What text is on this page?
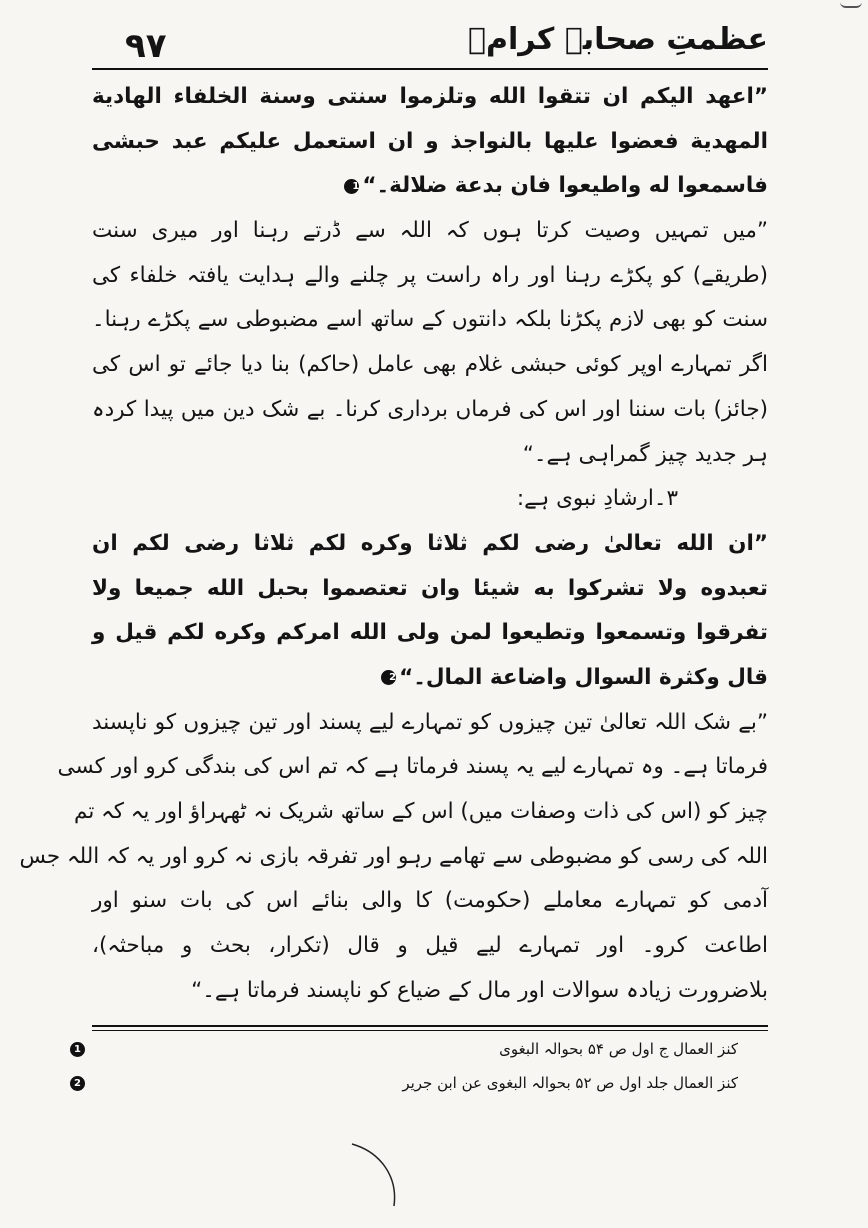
۹۷	عظمتِ صحابہ کرامؓ
”اعهد اليكم ان تتقوا الله وتلزموا سنتی وسنة الخلفاء الهادية
المهدية فعضوا عليها بالنواجذ و ان استعمل عليكم عبد حبشی
فاسمعوا له واطيعوا فان بدعة ضلالة۔“1
”میں تمہیں وصیت کرتا ہوں کہ اللہ سے ڈرتے رہنا اور میری سنت
(طریقے) کو پکڑے رہنا اور راہ راست پر چلنے والے ہدایت یافتہ خلفاء کی
سنت کو بھی لازم پکڑنا بلکہ دانتوں کے ساتھ اسے مضبوطی سے پکڑے رہنا۔
اگر تمہارے اوپر کوئی حبشی غلام بھی عامل (حاکم) بنا دیا جائے تو اس کی
(جائز) بات سننا اور اس کی فرماں برداری کرنا۔ بے شک دین میں پیدا کردہ
ہر جدید چیز گمراہی ہے۔“
۳۔ارشادِ نبوی ہے:
”ان الله تعالىٰ رضى لكم ثلاثا وكره لكم ثلاثا رضى لكم ان
تعبدوه ولا تشركوا به شيئا وان تعتصموا بحبل الله جميعا ولا
تفرقوا وتسمعوا وتطيعوا لمن ولى الله امركم وكره لكم قيل و
قال وكثرة السوال واضاعة المال۔“2
”بے شک اللہ تعالیٰ تین چیزوں کو تمہارے لیے پسند اور تین چیزوں کو ناپسند
فرماتا ہے۔ وہ تمہارے لیے یہ پسند فرماتا ہے کہ تم اس کی بندگی کرو اور کسی
چیز کو (اس کی ذات وصفات میں) اس کے ساتھ شریک نہ ٹھہراؤ اور یہ کہ تم
اللہ کی رسی کو مضبوطی سے تھامے رہو اور تفرقہ بازی نہ کرو اور یہ کہ اللہ جس
آدمی کو تمہارے معاملے (حکومت) کا والی بنائے اس کی بات سنو اور
اطاعت کرو۔ اور تمہارے لیے قیل و قال (تکرار، بحث و مباحثہ)،
بلاضرورت زیادہ سوالات اور مال کے ضیاع کو ناپسند فرماتا ہے۔“
کنز العمال ج اول ص ۵۴ بحوالہ البغوی
1
کنز العمال جلد اول ص ۵۲ بحوالہ البغوی عن ابن جریر
2
